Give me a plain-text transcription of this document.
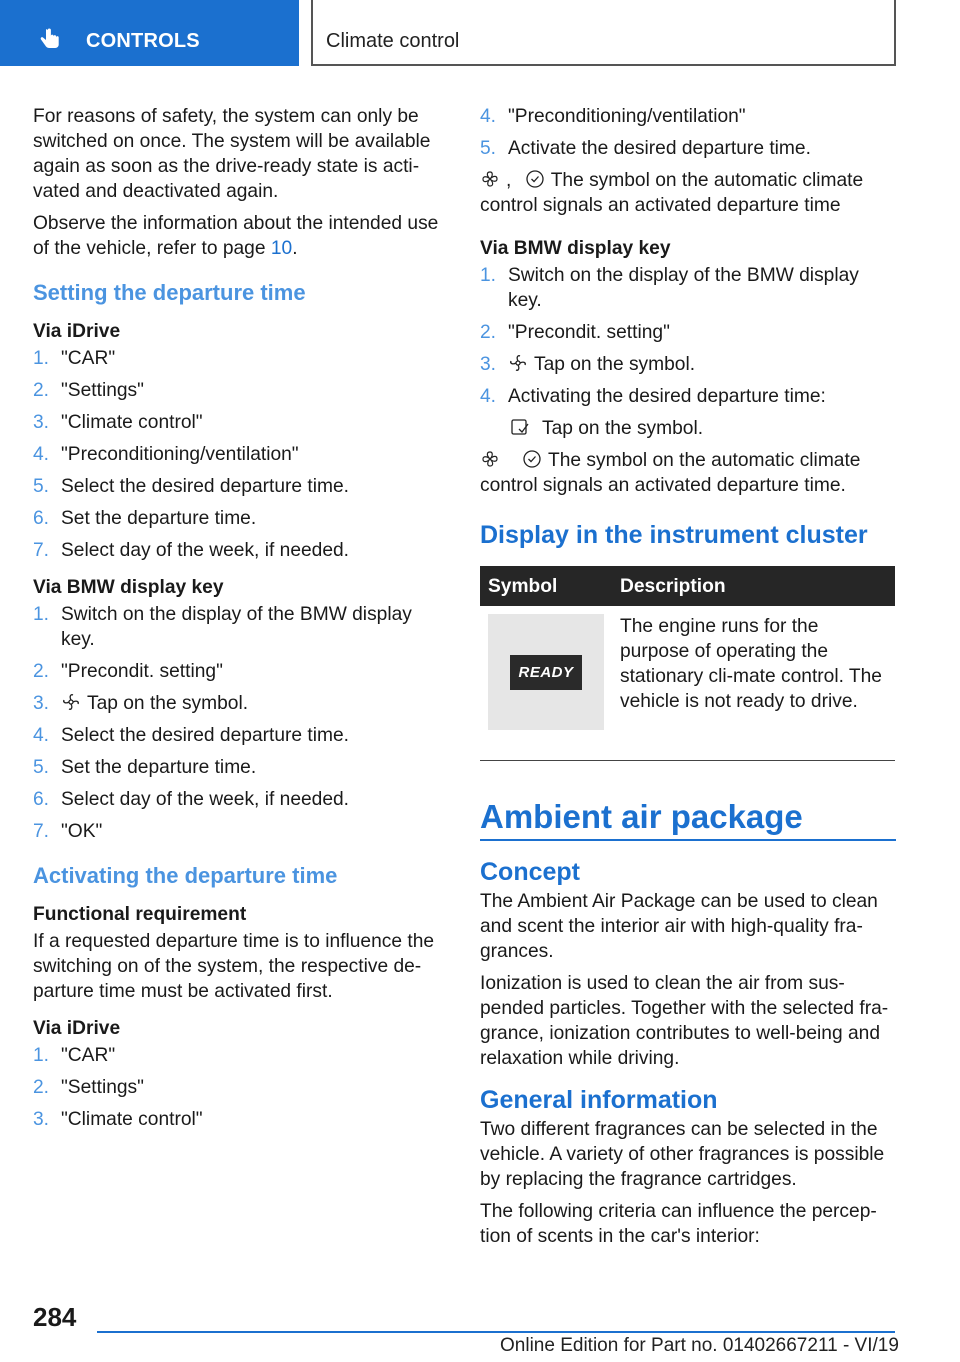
CONTROLS	Climate control

For reasons of safety, the system can only be switched on once. The system will be available again as soon as the drive-ready state is acti-vated and deactivated again.

Observe the information about the intended use of the vehicle, refer to page 10.

Setting the departure time
Via iDrive
1. "CAR"
2. "Settings"
3. "Climate control"
4. "Preconditioning/ventilation"
5. Select the desired departure time.
6. Set the departure time.
7. Select day of the week, if needed.
Via BMW display key
1. Switch on the display of the BMW display key.
2. "Precondit. setting"
3. Tap on the symbol.
4. Select the desired departure time.
5. Set the departure time.
6. Select day of the week, if needed.
7. "OK"
Activating the departure time
Functional requirement

If a requested departure time is to influence the switching on of the system, the respective de-parture time must be activated first.

Via iDrive
1. "CAR"
2. "Settings"
3. "Climate control"
4. "Preconditioning/ventilation"
5. Activate the desired departure time.

, The symbol on the automatic climate control signals an activated departure time

Via BMW display key
1. Switch on the display of the BMW display key.
2. "Precondit. setting"
3. Tap on the symbol.
4. Activating the desired departure time:

Tap on the symbol.

The symbol on the automatic climate control signals an activated departure time.

Display in the instrument cluster
Symbol	Description

READY	The engine runs for the purpose of operating the stationary cli-mate control. The vehicle is not ready to drive.
Ambient air package
Concept

The Ambient Air Package can be used to clean and scent the interior air with high-quality fra-grances.

Ionization is used to clean the air from sus-pended particles. Together with the selected fra-grance, ionization contributes to well-being and relaxation while driving.

General information

Two different fragrances can be selected in the vehicle. A variety of other fragrances is possible by replacing the fragrance cartridges.

The following criteria can influence the percep-tion of scents in the car's interior:

284
Online Edition for Part no. 01402667211 - VI/19
